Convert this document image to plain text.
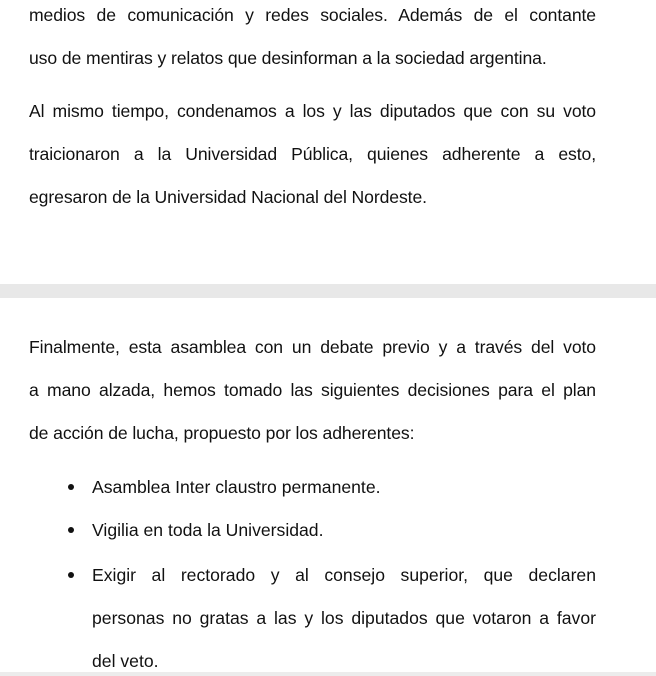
medios de comunicación y redes sociales. Además de el contante
uso de mentiras y relatos que desinforman a la sociedad argentina.

Al mismo tiempo, condenamos a los y las diputados que con su voto
traicionaron a la Universidad Pública, quienes adherente a esto,
egresaron de la Universidad Nacional del Nordeste.

Finalmente, esta asamblea con un debate previo y a través del voto
a mano alzada, hemos tomado las siguientes decisiones para el plan
de acción de lucha, propuesto por los adherentes:

Asamblea Inter claustro permanente.
Vigilia en toda la Universidad.
Exigir al rectorado y al consejo superior, que declaren
personas no gratas a las y los diputados que votaron a favor
del veto.
